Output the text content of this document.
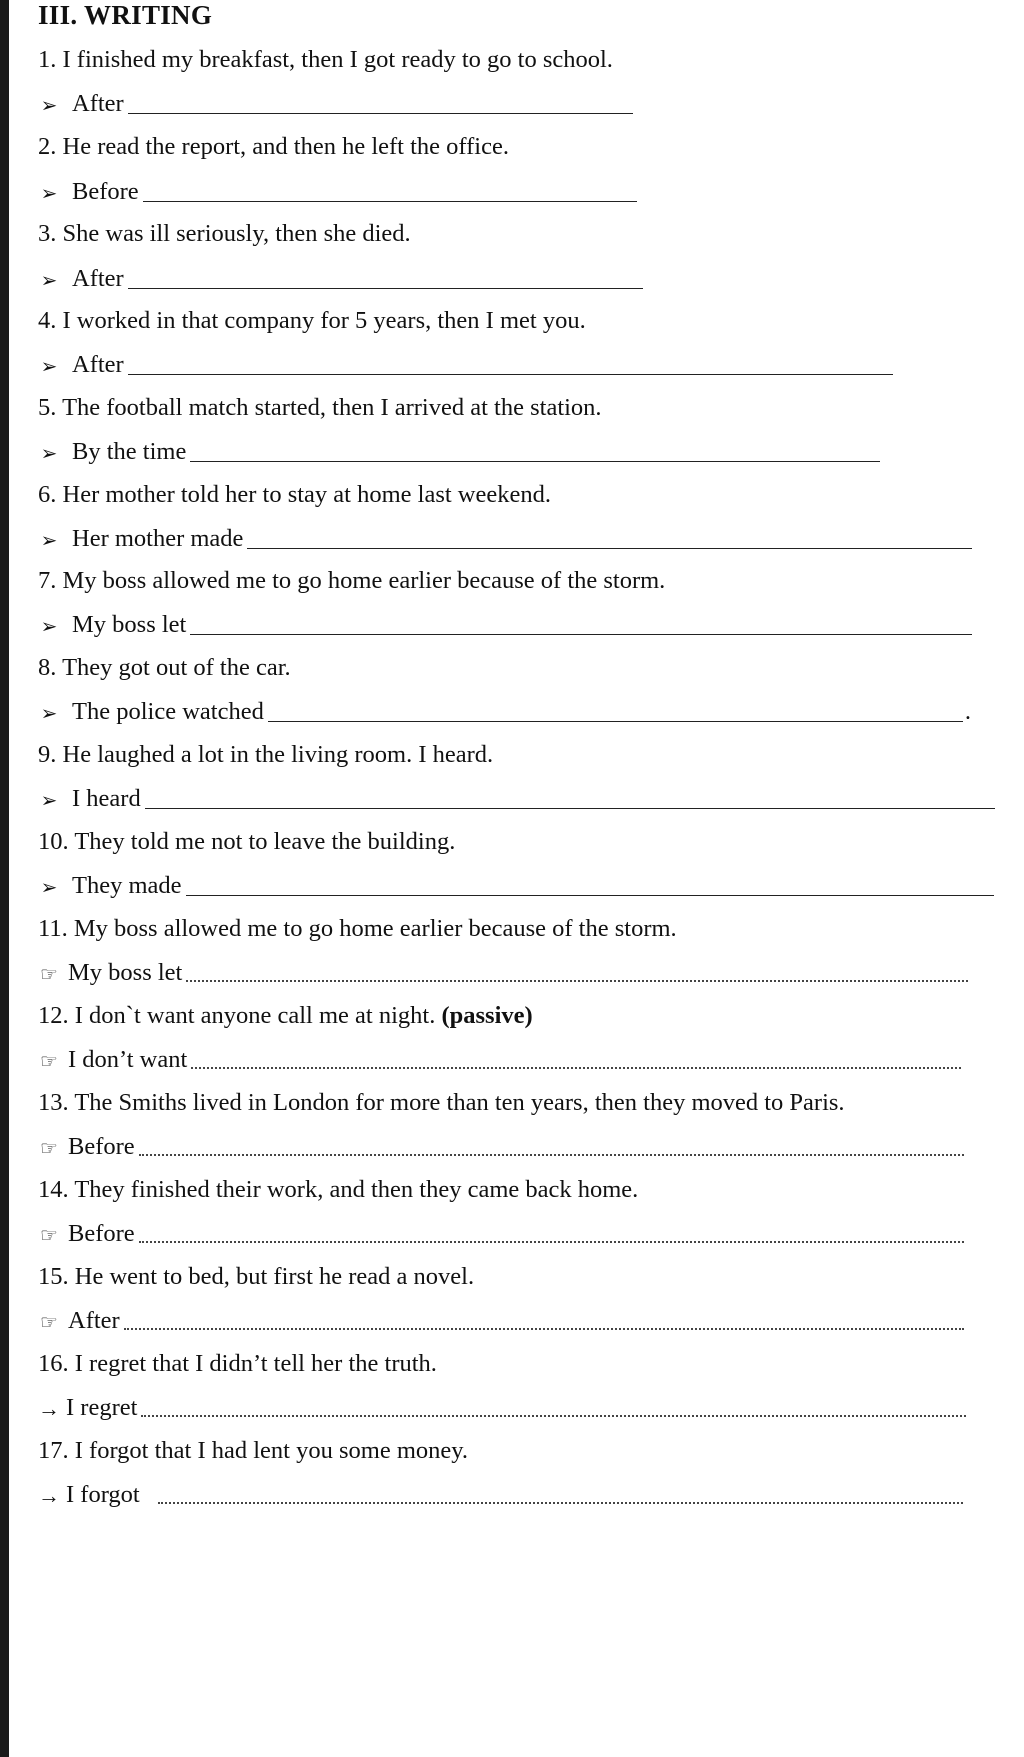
III. WRITING
1. I finished my breakfast, then I got ready to go to school.
➢ After
2. He read the report, and then he left the office.
➢ Before
3. She was ill seriously, then she died.
➢ After
4. I worked in that company for 5 years, then I met you.
➢ After
5. The football match started, then I arrived at the station.
➢ By the time
6. Her mother told her to stay at home last weekend.
➢ Her mother made
7. My boss allowed me to go home earlier because of the storm.
➢ My boss let
8. They got out of the car.
➢ The police watched	.
9. He laughed a lot in the living room. I heard.
➢ I heard
10. They told me not to leave the building.
➢ They made
11. My boss allowed me to go home earlier because of the storm.
☞ My boss let
12. I don`t want anyone call me at night. (passive)
☞ I don’t want
13. The Smiths lived in London for more than ten years, then they moved to Paris.
☞ Before
14. They finished their work, and then they came back home.
☞ Before
15. He went to bed, but first he read a novel.
☞ After
16. I regret that I didn’t tell her the truth.
→ I regret
17. I forgot that I had lent you some money.
→ I forgot
